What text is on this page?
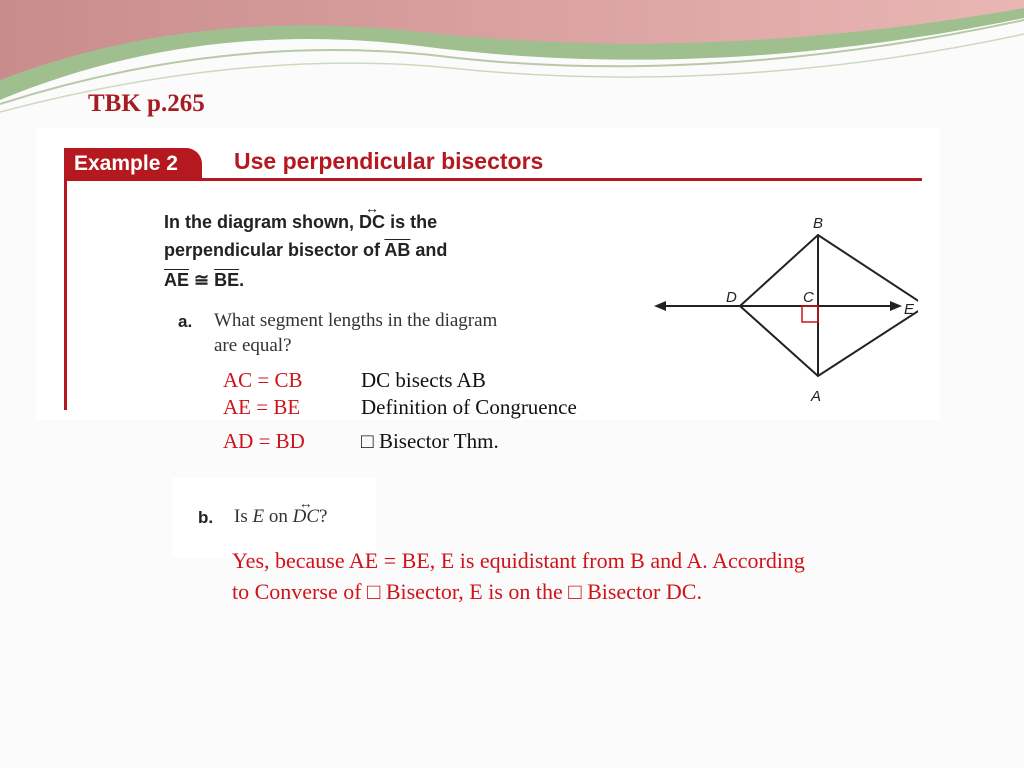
TBK p.265
Example 2	Use perpendicular bisectors
In the diagram shown, ↔ DC is the
perpendicular bisector of $\overline{AB}$ and
$\overline{AE}$ ≅ $\overline{BE}$.
a. What segment lengths in the diagram
are equal?
B
D	C
E
A
AC = CB	DC bisects AB
AE = BE	Definition of Congruence
AD = BD	□ Bisector Thm.
b. Is E on ↔ DC?
Yes, because AE = BE, E is equidistant from B and A. According
to Converse of □ Bisector, E is on the □ Bisector DC.
